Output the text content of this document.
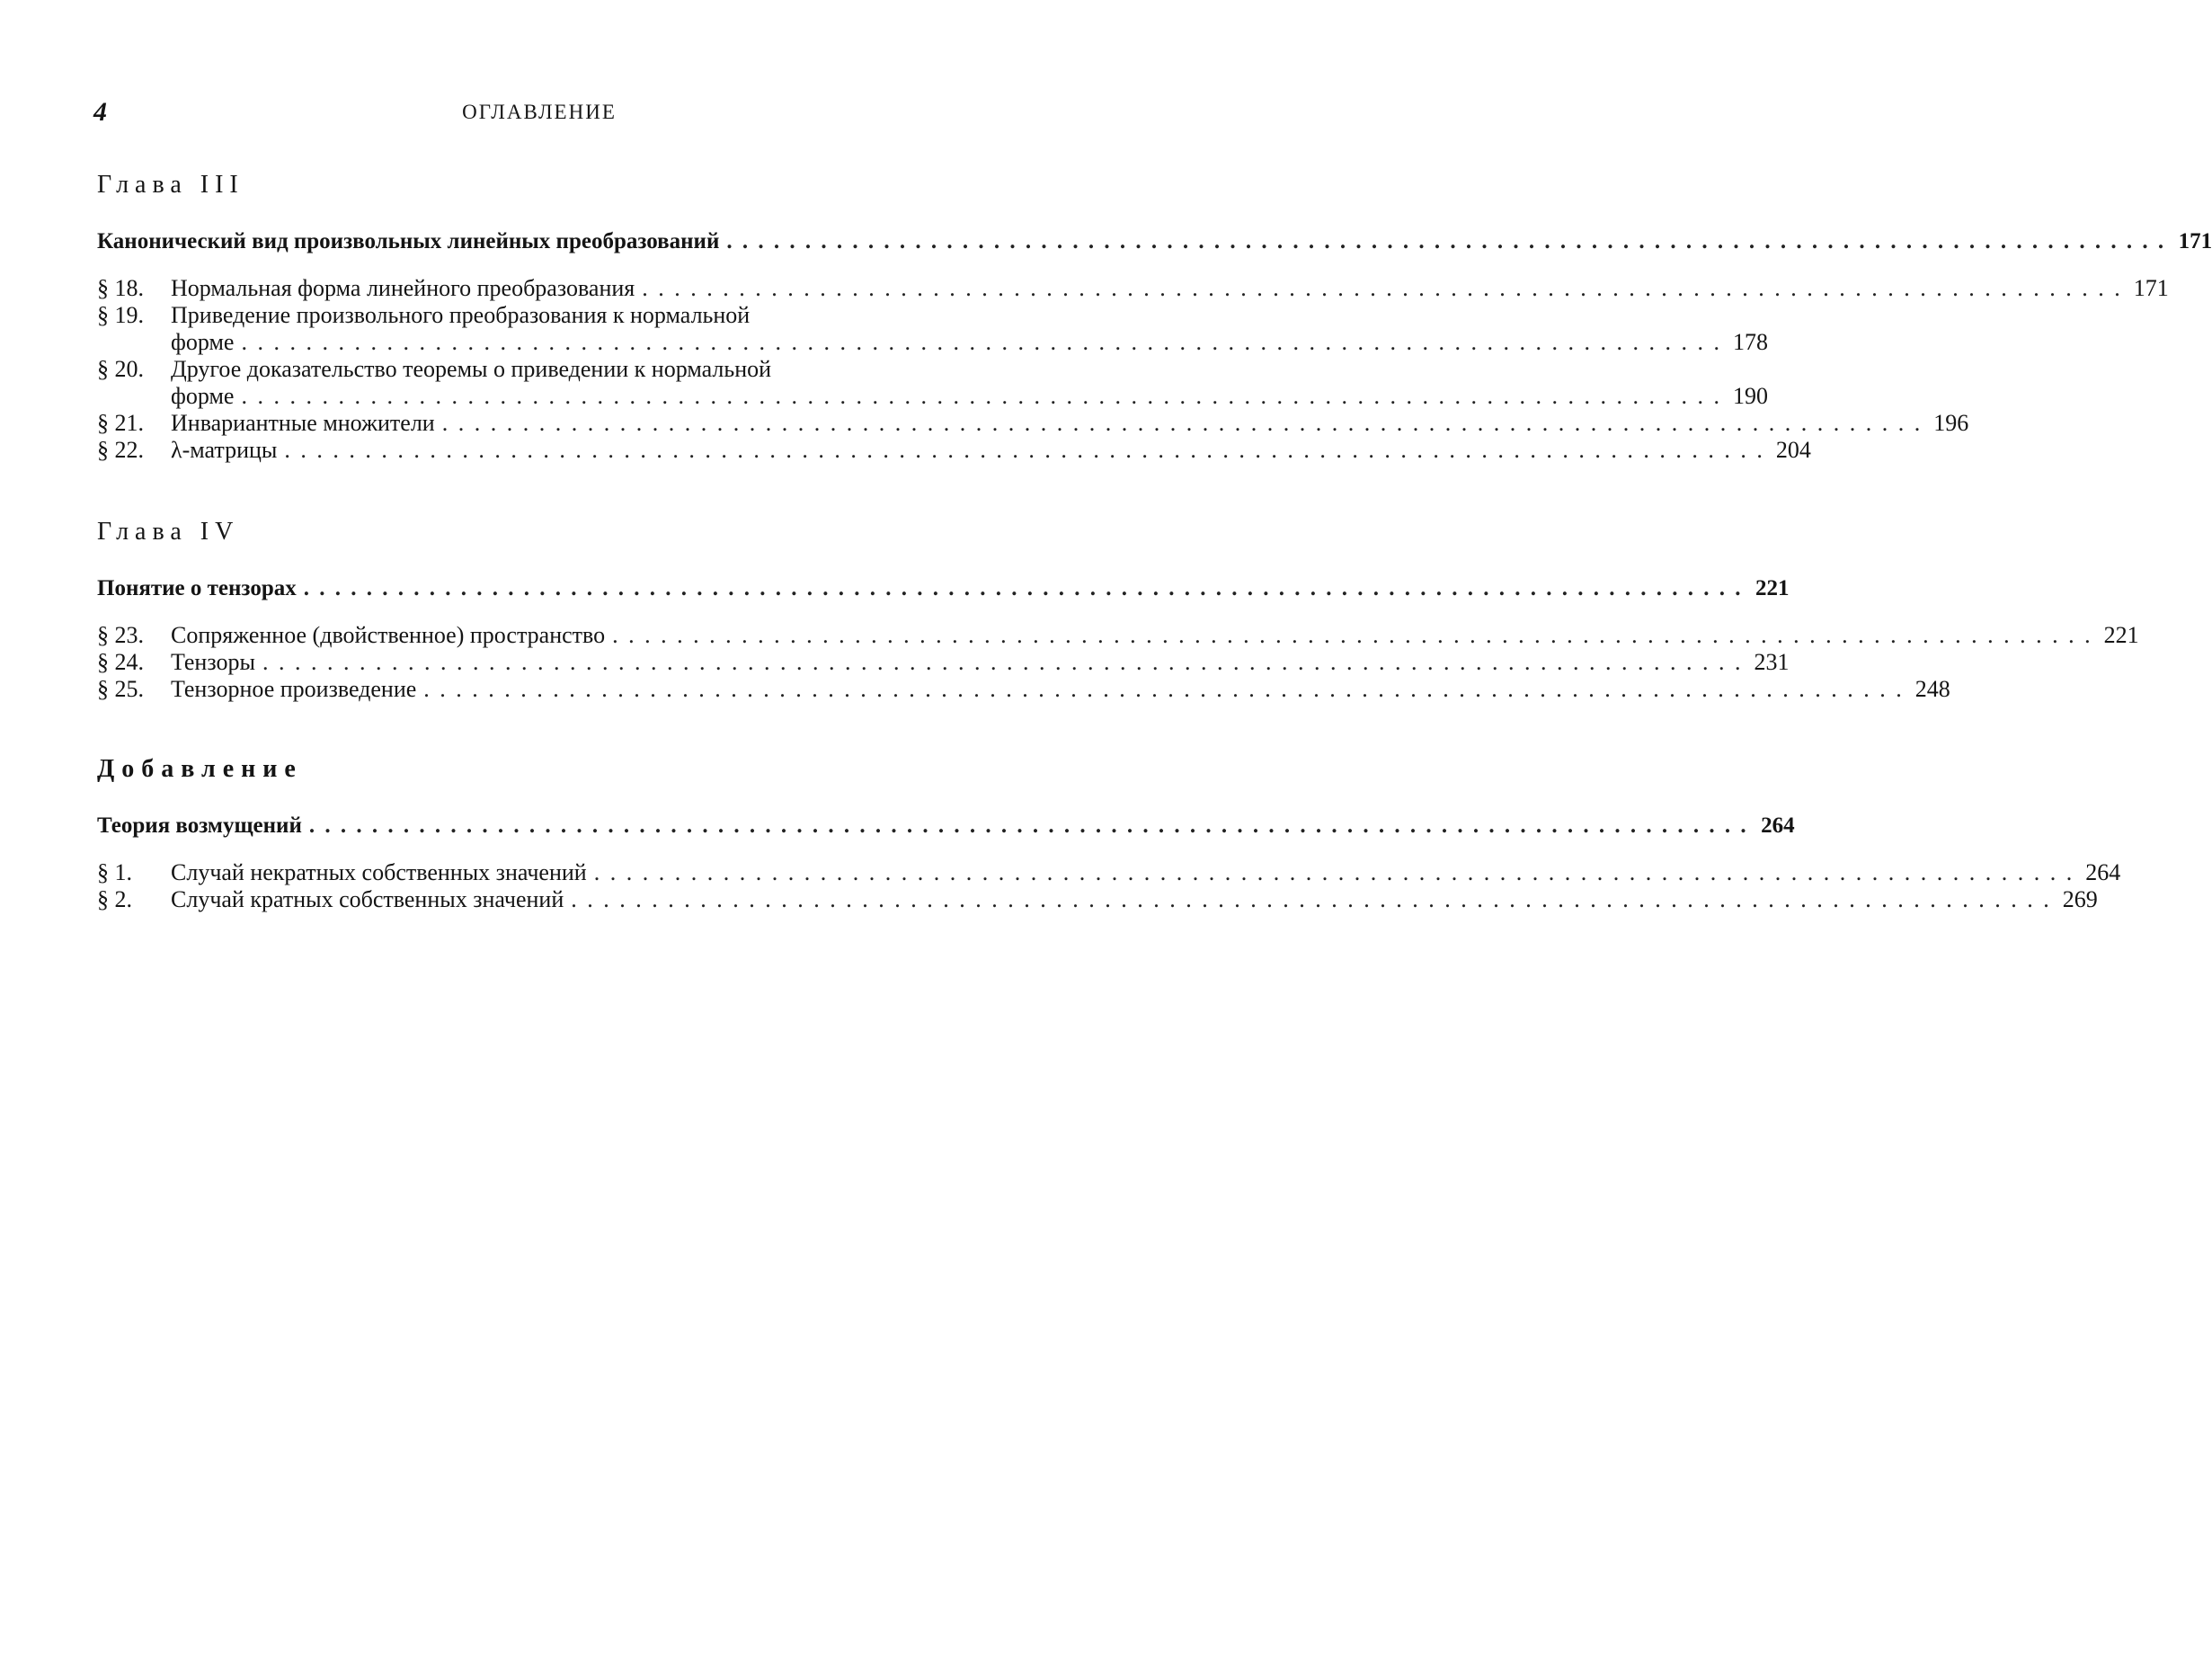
4	ОГЛАВЛЕНИЕ
Глава III
Канонический вид произвольных линейных преобразований . . .	171
§ 18.	Нормальная форма линейного преобразования . . .	171
§ 19.	Приведение произвольного преобразования к нормальной
форме . . .	178
§ 20.	Другое доказательство теоремы о приведении к нормальной
форме . . .	190
§ 21.	Инвариантные множители . . .	196
§ 22.	λ-матрицы . . .	204
Глава IV
Понятие о тензорах . . .	221
§ 23.	Сопряженное (двойственное) пространство . . .	221
§ 24.	Тензоры . . .	231
§ 25.	Тензорное произведение . . .	248
Добавление
Теория возмущений . . .	264
§ 1.	Случай некратных собственных значений . . .	264
§ 2.	Случай кратных собственных значений . . .	269
